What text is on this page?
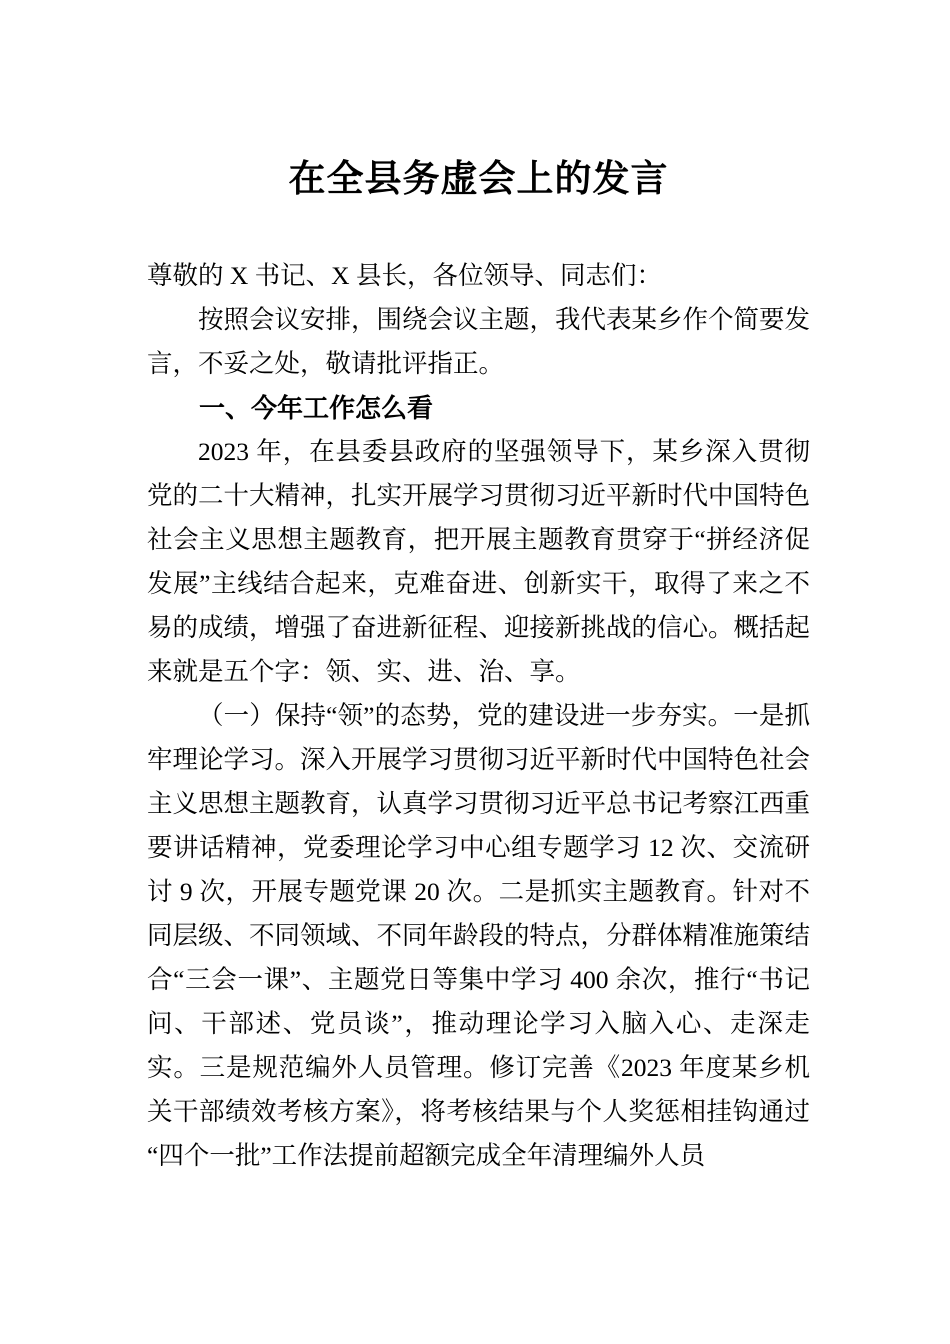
在全县务虚会上的发言

尊敬的 X 书记、X 县长，各位领导、同志们：

按照会议安排，围绕会议主题，我代表某乡作个简要发言，不妥之处，敬请批评指正。

一、今年工作怎么看

2023 年，在县委县政府的坚强领导下，某乡深入贯彻党的二十大精神，扎实开展学习贯彻习近平新时代中国特色社会主义思想主题教育，把开展主题教育贯穿于“拼经济促发展”主线结合起来，克难奋进、创新实干，取得了来之不易的成绩，增强了奋进新征程、迎接新挑战的信心。概括起来就是五个字：领、实、进、治、享。

（一）保持“领”的态势，党的建设进一步夯实。一是抓牢理论学习。深入开展学习贯彻习近平新时代中国特色社会主义思想主题教育，认真学习贯彻习近平总书记考察江西重要讲话精神，党委理论学习中心组专题学习 12 次、交流研讨 9 次，开展专题党课 20 次。二是抓实主题教育。针对不同层级、不同领域、不同年龄段的特点，分群体精准施策结合“三会一课”、主题党日等集中学习 400 余次，推行“书记问、干部述、党员谈”，推动理论学习入脑入心、走深走实。三是规范编外人员管理。修订完善《2023 年度某乡机关干部绩效考核方案》，将考核结果与个人奖惩相挂钩通过“四个一批”工作法提前超额完成全年清理编外人员
